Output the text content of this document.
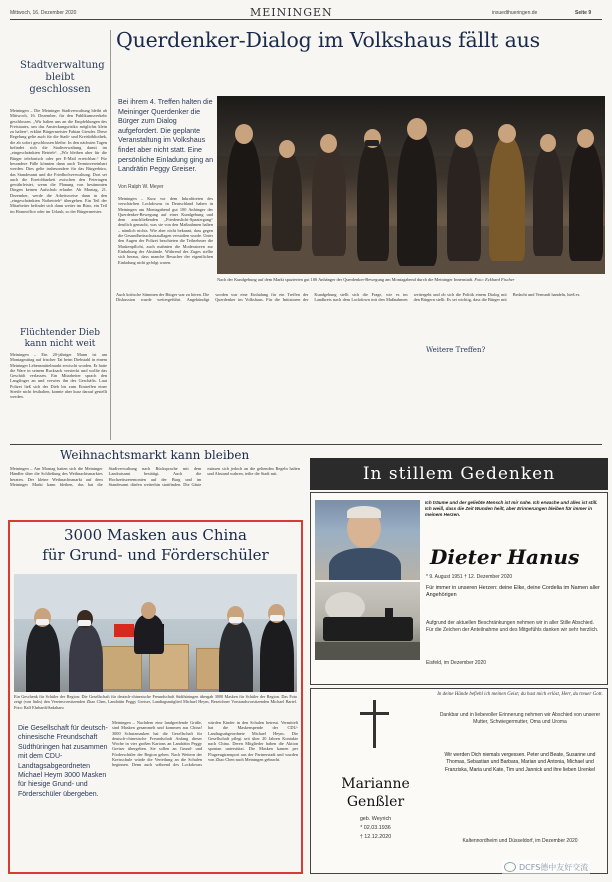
Mittwoch, 16. Dezember 2020	MEININGEN	insuedthueringen.de	Seite 9
Stadtverwaltung bleibt geschlossen
Meiningen – Die Meininger Stadtverwaltung bleibt ab Mittwoch, 16. Dezember, für den Publikumsverkehr geschlossen. „Wir halten uns an die Empfehlungen des Freistaates, um das Ansteckungsrisiko möglichst klein zu halten“, erklärt Bürgermeister Fabian Giesder. Diese Regelung gelte auch für die Stadt- und Kreisbibliothek, die ab sofort geschlossen bleibe. In den nächsten Tagen befindet sich die Stadtverwaltung damit im „eingeschränkten Betrieb“. „Wir bleiben aber für die Bürger telefonisch oder per E-Mail erreichbar.“ Für besondere Fälle könnten dann auch Terminvereinbart werden. Dies gelte insbesondere für das Bürgerbüro, das Standesamt und die Friedhofsverwaltung. Dort sei auch die Erreichbarkeit zwischen den Feiertagen gewährleistet, wenn die Planung von bestimmten Dingen keinen Aufschub erlaube. Ab Montag, 21. Dezember, werde die Arbeitsweise dann in den „eingeschränkten Notbetrieb“ übergehen. Ein Teil der Mitarbeiter befindet sich dann weiter im Büro, ein Teil im Homeoffice oder im Urlaub, so der Bürgermeister.
Flüchtender Dieb kann nicht weit
Meiningen – Ein 20-jähriger Mann ist am Montagmittag auf frischer Tat beim Diebstahl in einem Meininger Lebensmittelmarkt erwischt worden. Er hatte die Ware in seinem Rucksack versteckt und wollte das Geschäft verlassen. Ein Mitarbeiter sprach den Langfinger an und verwies ihn des Geschäfts. Laut Polizei ließ sich der Dieb bis zum Eintreffen einer Streife nicht festhalten, konnte aber kurz darauf gestellt werden.
Querdenker-Dialog im Volkshaus fällt aus
Bei ihrem 4. Treffen halten die Meininger Querdenker die Bürger zum Dialog aufgefordert. Die geplante Veranstaltung im Volkshaus findet aber nicht statt. Eine persönliche Einladung ging an Landrätin Peggy Greiser.
Von Ralph W. Meyer
Meiningen – Kurz vor dem Inkrafttreten des verschärften Lockdowns in Deutschland haben in Meiningen am Montagabend gut 100 Anhänger der Querdenker-Bewegung auf einer Kundgebung und dem anschließenden „Friedenslicht-Spaziergang“ deutlich gemacht, was sie von den Maßnahmen halten – nämlich nichts. Wie aber nicht bekannt, dass gegen die Gesundheitsschutzauflagen verstoßen wurde. Unter den Augen der Polizei beachteten die Teilnehmer die Maskenpflicht, auch mahnten die Moderatoren zur Einhaltung der Abstände. Während des Zuges stellte sich heraus, dass manche Besucher der eigentlichen Einladung nicht gefolgt waren.
Nach der Kundgebung auf dem Markt spazierten gut 100 Anhänger der Querdenker-Bewegung am Montagabend durch die Meininger Innenstadt. Foto: Eckhard Fischer
Auch kritische Stimmen der Bürger war zu hören. Die Diskussion wurde weitergeführt. Angekündigt worden war eine Einladung für ein Treffen der Querdenker im Volkshaus. Für die Initiatoren der Kundgebung stellt sich die Frage, wie es im Landkreis nach dem Lockdown mit den Maßnahmen weitergeht und ob sich die Politik einem Dialog mit den Bürgern stellt. Es sei wichtig, dass die Bürger mit Bedacht und Vernunft handeln, hieß es.
Weitere Treffen?
Weihnachtsmarkt kann bleiben
Meiningen – Am Montag hatten sich die Meininger Händler über die Schließung des Weihnachtsmarktes beraten. Der kleine Weihnachtsmarkt auf dem Meininger Markt kann bleiben, das hat die Stadtverwaltung nach Rücksprache mit dem Landratsamt bestätigt. Auch die Hochzeitszeremonien auf der Burg und im Standesamt dürfen weiterhin stattfinden. Die Gäste müssen sich jedoch an die geltenden Regeln halten und Abstand wahren, teilte die Stadt mit.
3000 Masken aus China
für Grund- und Förderschüler
Ein Geschenk für Schüler der Region: Die Gesellschaft für deutsch-chinesische Freundschaft Südthüringen übergab 3000 Masken für Schüler der Region. Das Foto zeigt (von links) den Vereinsvorsitzenden Zhao Chen, Landrätin Peggy Greiser, Landtagsmitglied Michael Heym, Bezeichner Vorstandsvorsitzenden Michael Bartel. Foto: Ralf Ehrhardt/Sadaharu
Die Gesellschaft für deutsch-chinesische Freundschaft Südthüringen hat zusammen mit dem CDU-Landtagsabgeordneten Michael Heym 3000 Masken für hiesige Grund- und Förderschüler übergeben.
Meiningen – Nachdem eine landgreifende Grüße, sind Masken gesammelt und kommen aus China! 3000 Schutzmasken hat die Gesellschaft für deutsch-chinesische Freundschaft Anfang dieser Woche in vier großen Kartons an Landrätin Peggy Greiser übergeben. Sie sollen an Grund- und Förderschüler der Region gehen. Nach Weitern der Kreisschule würde die Verteilung an die Schulen beginnen. Denn auch während des Lockdowns würden Kinder in den Schulen betreut. Vermittelt hat die Maskenspende der CDU-Landtagsabgeordnete Michael Heym. Die Gesellschaft pflegt seit über 20 Jahren Kontakte nach China. Deren Mitglieder haben die Aktion spontan unterstützt. Die Masken kamen per Flugzeugtransport aus der Partnerstadt und wurden von Zhao Chen nach Meiningen gebracht.
In stillem Gedenken
Ich träume und der geliebte Mensch ist mir nahe. Ich erwache und alles ist still. Ich weiß, dass die Zeit Wunden heilt, aber Erinnerungen bleiben für immer in meinem Herzen.
Dieter Hanus
* 9. August 1951 † 12. Dezember 2020
Für immer in unseren Herzen: deine Elke, deine Cordelia im Namen aller Angehörigen
Aufgrund der aktuellen Beschränkungen nehmen wir in aller Stille Abschied. Für die Zeichen der Anteilnahme und des Mitgefühls danken wir sehr herzlich.
Eisfeld, im Dezember 2020
Marianne
Genßler
geb. Weyrich
* 02.03.1936
† 12.12.2020
In deine Hände befiehl ich meinen Geist; du hast mich erlöst, Herr, du treuer Gott.
Dankbar und in liebevoller Erinnerung nehmen wir Abschied von unserer Mutter, Schwiegermutter, Oma und Uroma
Wir werden Dich niemals vergessen. Peter und Beate, Susanne und Thomas, Sebastian und Barbara, Marian und Antonia, Michael und Franziska, Maria und Kate, Tim und Jannick und ihre lieben Urenkel
Kaltennordheim und Düsseldorf, im Dezember 2020
DCFS德中友好交流
